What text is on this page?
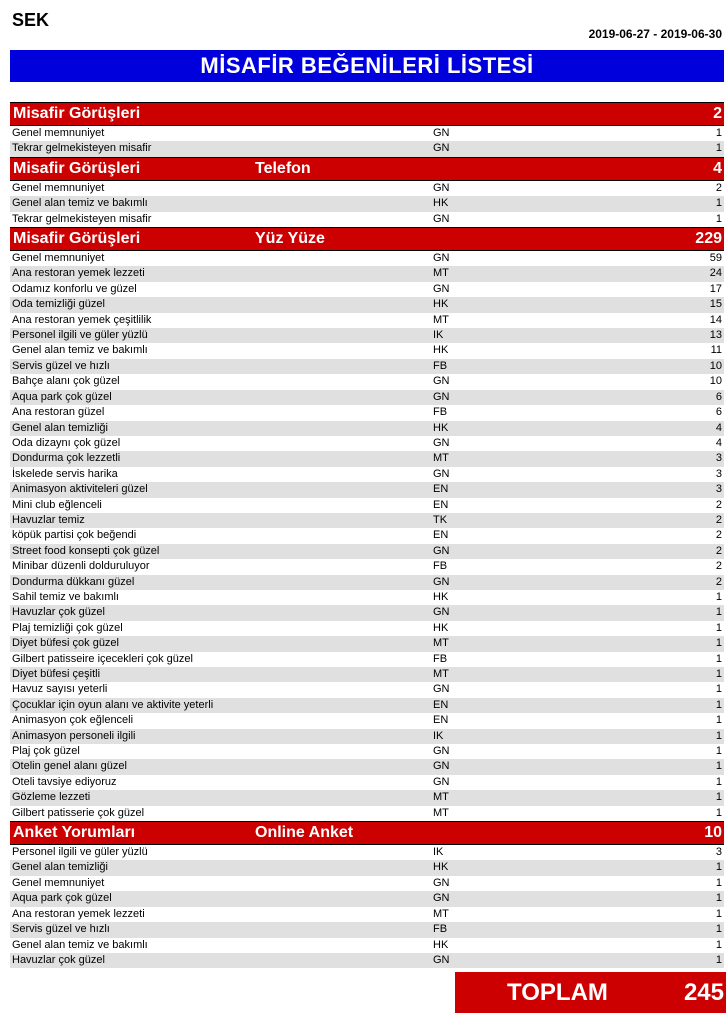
SEK
2019-06-27 - 2019-06-30
MİSAFİR BEĞENİLERİ LİSTESİ
Misafir Görüşleri	2
Genel memnuniyet	GN	1
Tekrar gelmekisteyen misafir	GN	1
Misafir Görüşleri	Telefon	4
Genel memnuniyet	GN	2
Genel alan temiz ve bakımlı	HK	1
Tekrar gelmekisteyen misafir	GN	1
Misafir Görüşleri	Yüz Yüze	229
Genel memnuniyet	GN	59
Ana restoran yemek lezzeti	MT	24
Odamız konforlu ve güzel	GN	17
Oda temizliği güzel	HK	15
Ana restoran yemek çeşitlilik	MT	14
Personel ilgili ve güler yüzlü	IK	13
Genel alan temiz ve bakımlı	HK	11
Servis güzel ve hızlı	FB	10
Bahçe alanı çok güzel	GN	10
Aqua park çok güzel	GN	6
Ana restoran güzel	FB	6
Genel alan temizliği	HK	4
Oda dizaynı çok güzel	GN	4
Dondurma çok lezzetli	MT	3
İskelede servis harika	GN	3
Animasyon aktiviteleri güzel	EN	3
Mini club eğlenceli	EN	2
Havuzlar temiz	TK	2
köpük partisi çok beğendi	EN	2
Street food konsepti çok güzel	GN	2
Minibar düzenli dolduruluyor	FB	2
Dondurma dükkanı güzel	GN	2
Sahil temiz ve bakımlı	HK	1
Havuzlar çok güzel	GN	1
Plaj temizliği çok güzel	HK	1
Diyet büfesi çok güzel	MT	1
Gilbert patisseire içecekleri çok güzel	FB	1
Diyet büfesi çeşitli	MT	1
Havuz sayısı yeterli	GN	1
Çocuklar için oyun alanı ve aktivite yeterli	EN	1
Animasyon çok eğlenceli	EN	1
Animasyon personeli ilgili	IK	1
Plaj çok güzel	GN	1
Otelin genel alanı güzel	GN	1
Oteli tavsiye ediyoruz	GN	1
Gözleme lezzeti	MT	1
Gilbert patisserie çok güzel	MT	1
Anket Yorumları	Online Anket	10
Personel ilgili ve güler yüzlü	IK	3
Genel alan temizliği	HK	1
Genel memnuniyet	GN	1
Aqua park çok güzel	GN	1
Ana restoran yemek lezzeti	MT	1
Servis güzel ve hızlı	FB	1
Genel alan temiz ve bakımlı	HK	1
Havuzlar çok güzel	GN	1
TOPLAM	245
